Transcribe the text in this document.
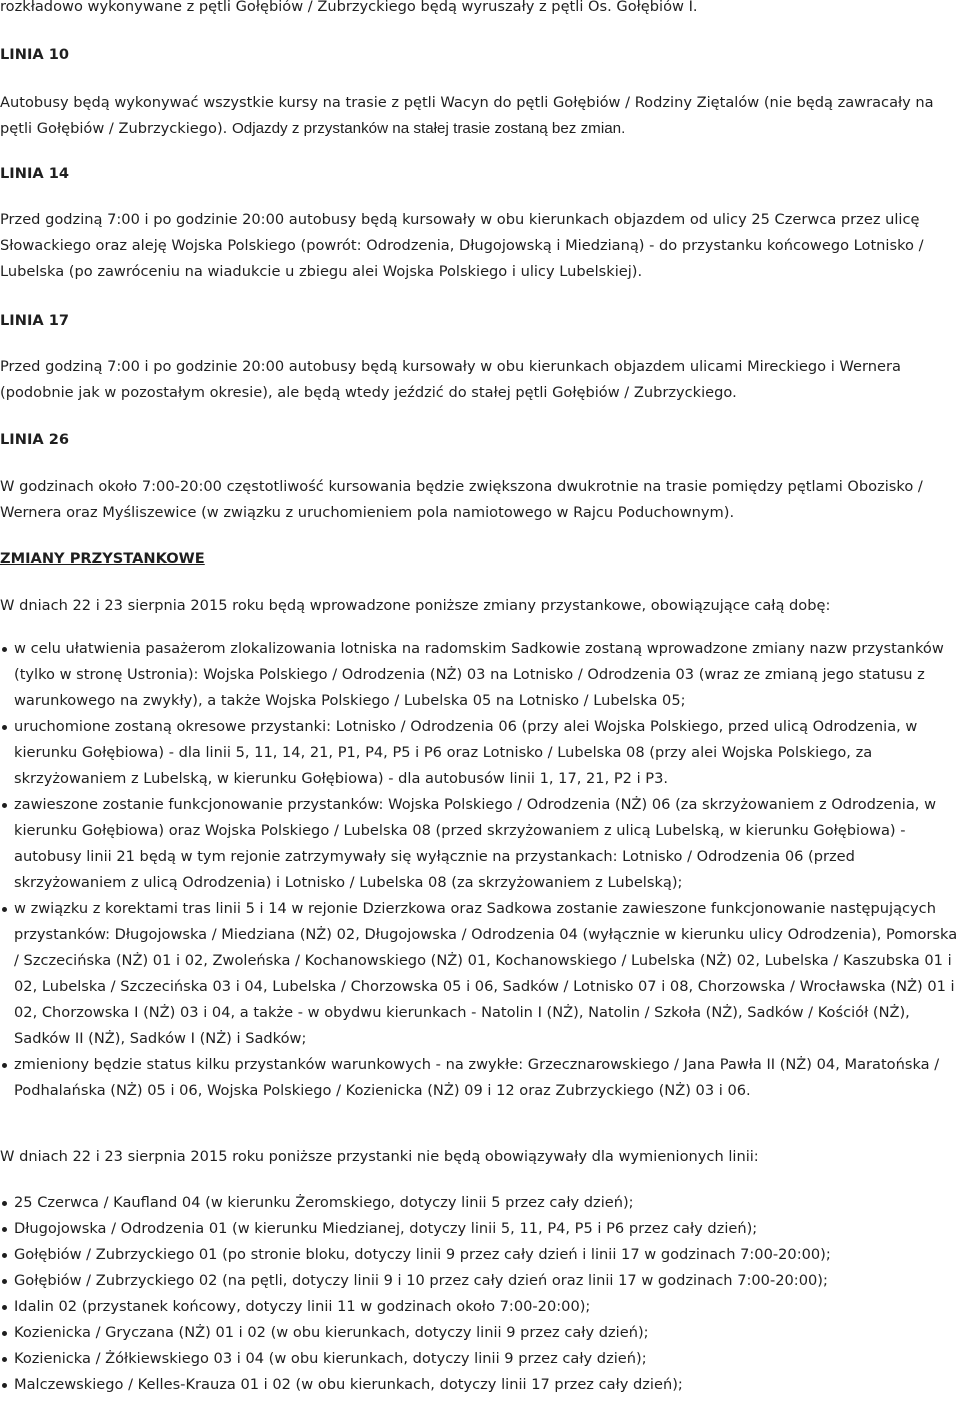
rozkładowo wykonywane z pętli Gołębiów / Zubrzyckiego będą wyruszały z pętli Os. Gołębiów I.

LINIA 10

Autobusy będą wykonywać wszystkie kursy na trasie z pętli Wacyn do pętli Gołębiów / Rodziny Ziętalów (nie będą zawracały na pętli Gołębiów / Zubrzyckiego). Odjazdy z przystanków na stałej trasie zostaną bez zmian.

LINIA 14

Przed godziną 7:00 i po godzinie 20:00 autobusy będą kursowały w obu kierunkach objazdem od ulicy 25 Czerwca przez ulicę Słowackiego oraz aleję Wojska Polskiego (powrót: Odrodzenia, Długojowską i Miedzianą) - do przystanku końcowego Lotnisko / Lubelska (po zawróceniu na wiadukcie u zbiegu alei Wojska Polskiego i ulicy Lubelskiej).

LINIA 17

Przed godziną 7:00 i po godzinie 20:00 autobusy będą kursowały w obu kierunkach objazdem ulicami Mireckiego i Wernera (podobnie jak w pozostałym okresie), ale będą wtedy jeździć do stałej pętli Gołębiów / Zubrzyckiego.

LINIA 26

W godzinach około 7:00-20:00 częstotliwość kursowania będzie zwiększona dwukrotnie na trasie pomiędzy pętlami Obozisko / Wernera oraz Myśliszewice (w związku z uruchomieniem pola namiotowego w Rajcu Poduchownym).

ZMIANY PRZYSTANKOWE

W dniach 22 i 23 sierpnia 2015 roku będą wprowadzone poniższe zmiany przystankowe, obowiązujące całą dobę:

w celu ułatwienia pasażerom zlokalizowania lotniska na radomskim Sadkowie zostaną wprowadzone zmiany nazw przystanków (tylko w stronę Ustronia): Wojska Polskiego / Odrodzenia (NŻ) 03 na Lotnisko / Odrodzenia 03 (wraz ze zmianą jego statusu z warunkowego na zwykły), a także Wojska Polskiego / Lubelska 05 na Lotnisko / Lubelska 05;
uruchomione zostaną okresowe przystanki: Lotnisko / Odrodzenia 06 (przy alei Wojska Polskiego, przed ulicą Odrodzenia, w kierunku Gołębiowa) - dla linii 5, 11, 14, 21, P1, P4, P5 i P6 oraz Lotnisko / Lubelska 08 (przy alei Wojska Polskiego, za skrzyżowaniem z Lubelską, w kierunku Gołębiowa) - dla autobusów linii 1, 17, 21, P2 i P3.
zawieszone zostanie funkcjonowanie przystanków: Wojska Polskiego / Odrodzenia (NŻ) 06 (za skrzyżowaniem z Odrodzenia, w kierunku Gołębiowa) oraz Wojska Polskiego / Lubelska 08 (przed skrzyżowaniem z ulicą Lubelską, w kierunku Gołębiowa) - autobusy linii 21 będą w tym rejonie zatrzymywały się wyłącznie na przystankach: Lotnisko / Odrodzenia 06 (przed skrzyżowaniem z ulicą Odrodzenia) i Lotnisko / Lubelska 08 (za skrzyżowaniem z Lubelską);
w związku z korektami tras linii 5 i 14 w rejonie Dzierzkowa oraz Sadkowa zostanie zawieszone funkcjonowanie następujących przystanków: Długojowska / Miedziana (NŻ) 02, Długojowska / Odrodzenia 04 (wyłącznie w kierunku ulicy Odrodzenia), Pomorska / Szczecińska (NŻ) 01 i 02, Zwoleńska / Kochanowskiego (NŻ) 01, Kochanowskiego / Lubelska (NŻ) 02, Lubelska / Kaszubska 01 i 02, Lubelska / Szczecińska 03 i 04, Lubelska / Chorzowska 05 i 06, Sadków / Lotnisko 07 i 08, Chorzowska / Wrocławska (NŻ) 01 i 02, Chorzowska I (NŻ) 03 i 04, a także - w obydwu kierunkach - Natolin I (NŻ), Natolin / Szkoła (NŻ), Sadków / Kościół (NŻ), Sadków II (NŻ), Sadków I (NŻ) i Sadków;
zmieniony będzie status kilku przystanków warunkowych - na zwykłe: Grzecznarowskiego / Jana Pawła II (NŻ) 04, Maratońska / Podhalańska (NŻ) 05 i 06, Wojska Polskiego / Kozienicka (NŻ) 09 i 12 oraz Zubrzyckiego (NŻ) 03 i 06.

W dniach 22 i 23 sierpnia 2015 roku poniższe przystanki nie będą obowiązywały dla wymienionych linii:

25 Czerwca / Kaufland 04 (w kierunku Żeromskiego, dotyczy linii 5 przez cały dzień);
Długojowska / Odrodzenia 01 (w kierunku Miedzianej, dotyczy linii 5, 11, P4, P5 i P6 przez cały dzień);
Gołębiów / Zubrzyckiego 01 (po stronie bloku, dotyczy linii 9 przez cały dzień i linii 17 w godzinach 7:00-20:00);
Gołębiów / Zubrzyckiego 02 (na pętli, dotyczy linii 9 i 10 przez cały dzień oraz linii 17 w godzinach 7:00-20:00);
Idalin 02 (przystanek końcowy, dotyczy linii 11 w godzinach około 7:00-20:00);
Kozienicka / Gryczana (NŻ) 01 i 02 (w obu kierunkach, dotyczy linii 9 przez cały dzień);
Kozienicka / Żółkiewskiego 03 i 04 (w obu kierunkach, dotyczy linii 9 przez cały dzień);
Malczewskiego / Kelles-Krauza 01 i 02 (w obu kierunkach, dotyczy linii 17 przez cały dzień);
